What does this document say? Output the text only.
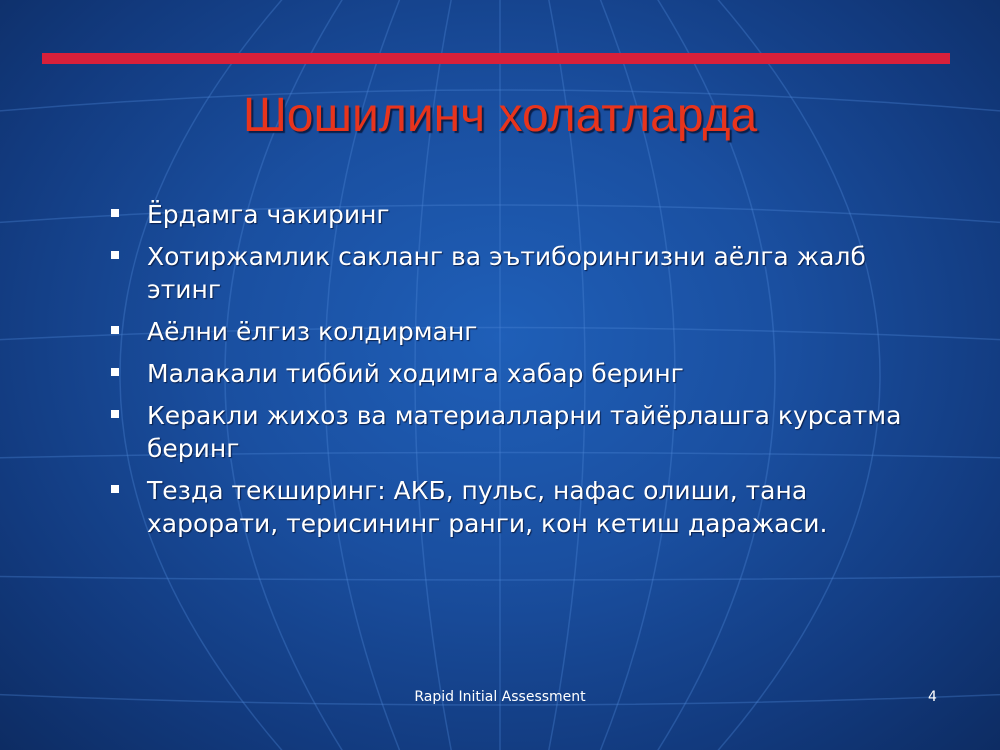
Шошилинч холатларда
Ёрдамга чакиринг
Хотиржамлик сакланг ва эътиборингизни аёлга жалб этинг
Аёлни ёлгиз колдирманг
Малакали тиббий ходимга хабар беринг
Керакли жихоз ва материалларни тайёрлашга курсатма беринг
Тезда текширинг: АКБ, пульс, нафас олиши, тана харорати, терисининг ранги, кон кетиш даражаси.
Rapid Initial Assessment	4
